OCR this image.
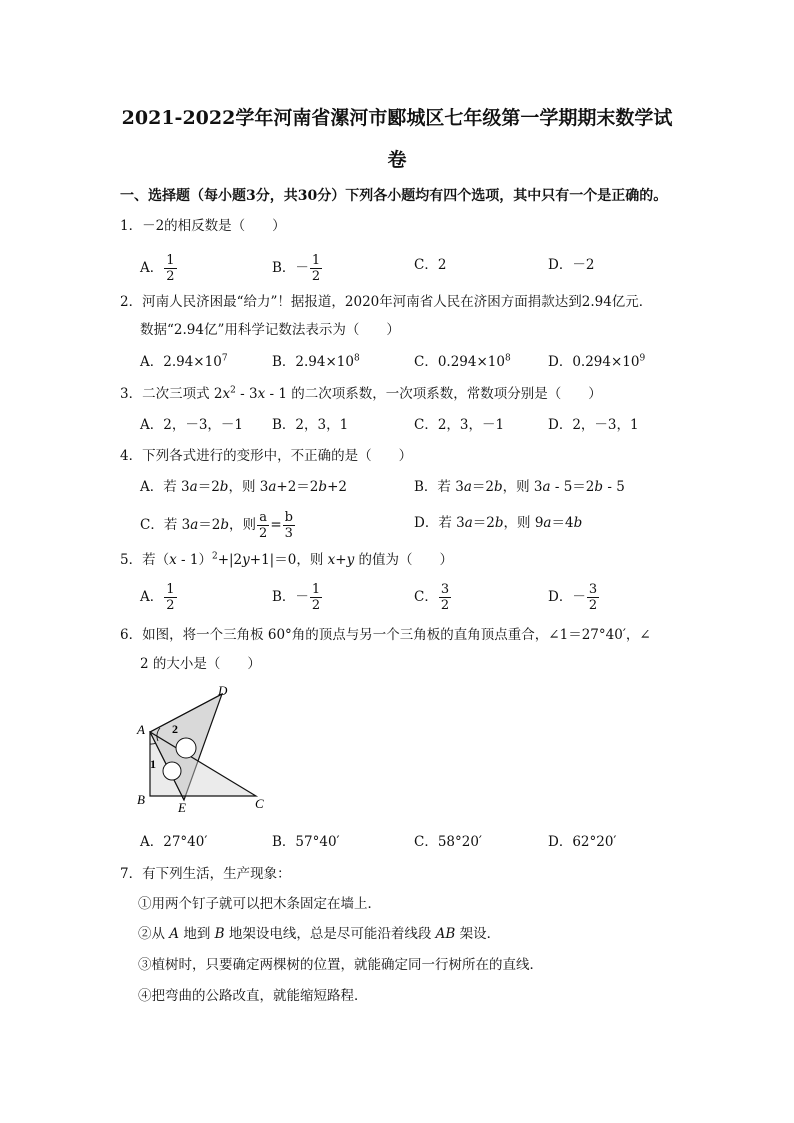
2021-2022学年河南省漯河市郾城区七年级第一学期期末数学试
卷
一、选择题（每小题3分，共30分）下列各小题均有四个选项，其中只有一个是正确的。
1．－2的相反数是（　　）
A． $\frac{1}{2}$	B．－ $\frac{1}{2}$	C．2	D．－2
2．河南人民济困最“给力”！据报道，2020年河南省人民在济困方面捐款达到2.94亿元．
数据“2.94亿”用科学记数法表示为（　　）
A．$2.94\times 10^7$	B．$2.94\times 10^8$	C．$0.294\times 10^8$	D．$0.294\times 10^9$
3．二次三项式 $2x^2 - 3x - 1$ 的二次项系数，一次项系数，常数项分别是（　　）
A．2，－3，－1 B．2，3，1	C．2，3，－1	D．2，－3，1
4．下列各式进行的变形中，不正确的是（　　）
A．若 3a＝2b，则 3a+2＝2b+2	B．若 3a＝2b，则 3a - 5＝2b - 5
C．若 3a＝2b，则 $\frac{a}{2} = \frac{b}{3}$	D．若 3a＝2b，则 9a＝4b
5．若（x - 1）$^2$+|2y+1|＝0，则 x+y 的值为（　　）
A． $\frac{1}{2}$	B．－ $\frac{1}{2}$	C． $\frac{3}{2}$	D．－ $\frac{3}{2}$
6．如图，将一个三角板 60°角的顶点与另一个三角板的直角顶点重合，∠1＝27°40′，∠
2 的大小是（　　）
A
B	C
D
E
1
2
A．27°40′	B．57°40′	C．58°20′	D．62°20′
7．有下列生活，生产现象：
①用两个钉子就可以把木条固定在墙上．
②从 A 地到 B 地架设电线，总是尽可能沿着线段 AB 架设．
③植树时，只要确定两棵树的位置，就能确定同一行树所在的直线．
④把弯曲的公路改直，就能缩短路程．
